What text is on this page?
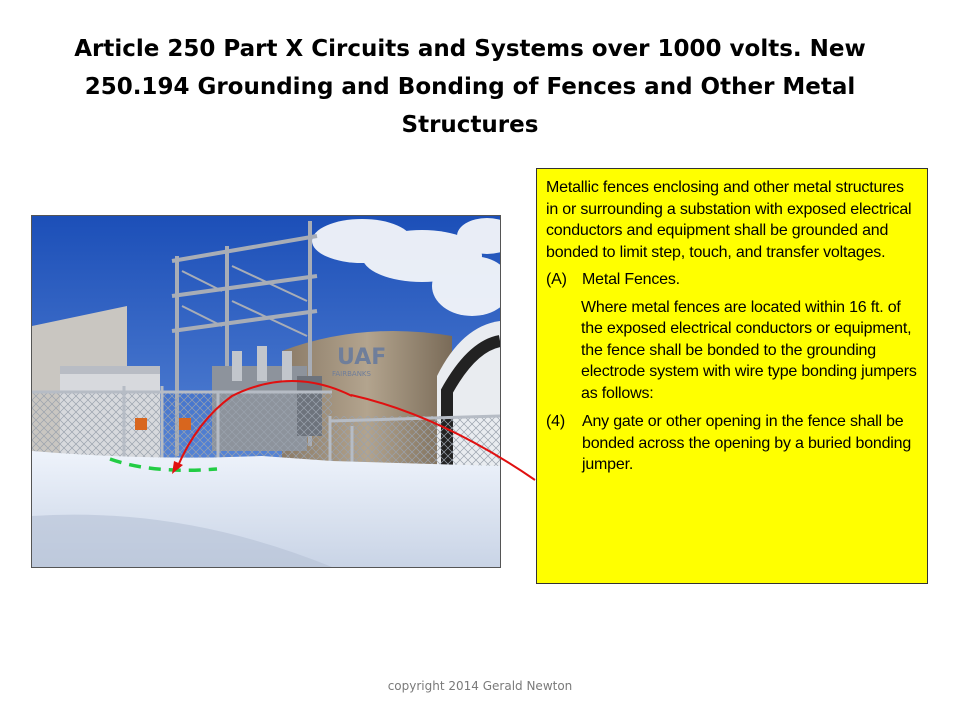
Article 250 Part X Circuits and Systems over 1000 volts. New
250.194 Grounding and Bonding of Fences and Other Metal
Structures
UAF
FAIRBANKS

Metallic fences enclosing and other metal structures in or surrounding a substation with exposed electrical conductors and equipment shall be grounded and bonded to limit step, touch, and transfer voltages.

(A) Metal Fences.

Where metal fences are located within 16 ft. of the exposed electrical conductors or equipment, the fence shall be bonded to the grounding electrode system with wire type bonding jumpers as follows:

(4)	Any gate or other opening in the fence shall be bonded across the opening by a buried bonding jumper.
copyright 2014 Gerald Newton
